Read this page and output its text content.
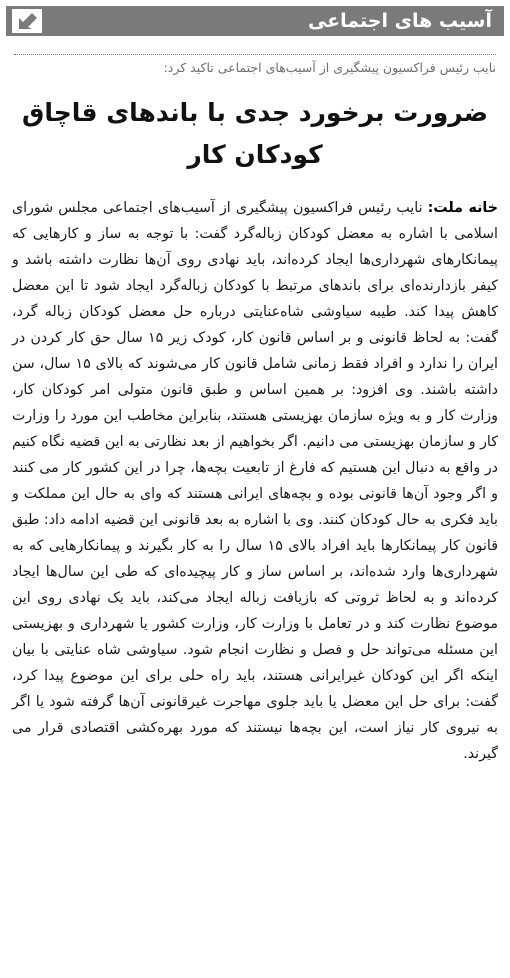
آسیب های اجتماعی
نایب رئیس فراکسیون پیشگیری از آسیب‌های اجتماعی تاکید کرد:
ضرورت برخورد جدی با باندهای قاچاق کودکان کار

خانه ملت: نایب رئیس فراکسیون پیشگیری از آسیب‌های اجتماعی مجلس شورای اسلامی با اشاره به معضل کودکان زباله‌گرد گفت: با توجه به ساز و کارهایی که پیمانکارهای شهرداری‌ها ایجاد کرده‌اند، باید نهادی روی آن‌ها نظارت داشته باشد و کیفر بازدارنده‌ای برای باندهای مرتبط با کودکان زباله‌گرد ایجاد شود تا این معضل کاهش پیدا کند. طیبه سیاوشی شاه‌عنایتی درباره حل معضل کودکان زباله گرد، گفت: به لحاظ قانونی و بر اساس قانون کار، کودک زیر ۱۵ سال حق کار کردن در ایران را ندارد و افراد فقط زمانی شامل قانون کار می‌شوند که بالای ۱۵ سال، سن داشته باشند. وی افزود: بر همین اساس و طبق قانون متولی امر کودکان کار، وزارت کار و به ویژه سازمان بهزیستی هستند، بنابراین مخاطب این مورد را وزارت کار و سازمان بهزیستی می دانیم. اگر بخواهیم از بعد نظارتی به این قضیه نگاه کنیم در واقع به دنبال این هستیم که فارغ از تابعیت بچه‌ها، چرا در این کشور کار می کنند و اگر وجود آن‌ها قانونی بوده و بچه‌های ایرانی هستند که وای به حال این مملکت و باید فکری به حال کودکان کنند. وی با اشاره به بعد قانونی این قضیه ادامه داد: طبق قانون کار پیمانکارها باید افراد بالای ۱۵ سال را به کار بگیرند و پیمانکارهایی که به شهرداری‌ها وارد شده‌اند، بر اساس ساز و کار پیچیده‌ای که طی این سال‌ها ایجاد کرده‌اند و به لحاظ ثروتی که بازیافت زباله ایجاد می‌کند، باید یک نهادی روی این موضوع نظارت کند و در تعامل با وزارت کار، وزارت کشور یا شهرداری و بهزیستی این مسئله می‌تواند حل و فصل و نظارت انجام شود. سیاوشی شاه عنایتی با بیان اینکه اگر این کودکان غیرایرانی هستند، باید راه حلی برای این موضوع پیدا کرد، گفت: برای حل این معضل یا باید جلوی مهاجرت غیرقانونی آن‌ها گرفته شود یا اگر به نیروی کار نیاز است، این بچه‌ها نیستند که مورد بهره‌کشی اقتصادی قرار می گیرند.
